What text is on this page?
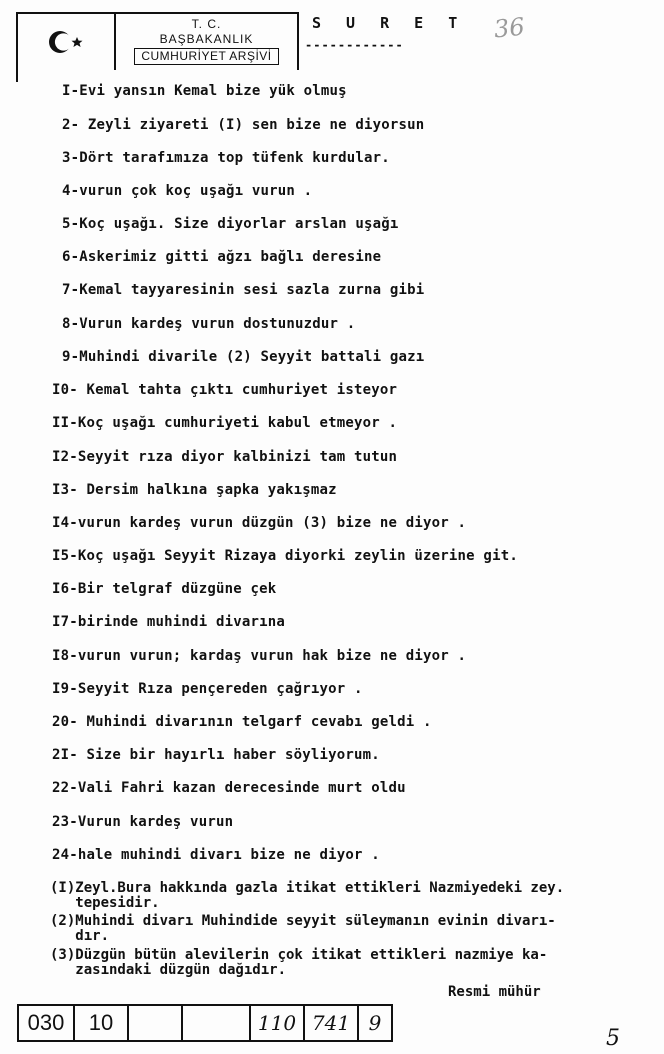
T. C.
BAŞBAKANLIK
CUMHURİYET ARŞİVİ
S U R E T
------------
36
I-Evi yansın Kemal bize yük olmuş
2- Zeyli ziyareti (I) sen bize ne diyorsun
3-Dört tarafımıza top tüfenk kurdular.
4-vurun çok koç uşağı vurun .
5-Koç uşağı. Size diyorlar arslan uşağı
6-Askerimiz gitti ağzı bağlı deresine
7-Kemal tayyaresinin sesi sazla zurna gibi
8-Vurun kardeş vurun dostunuzdur .
9-Muhindi divarile (2) Seyyit battali gazı
I0- Kemal tahta çıktı cumhuriyet isteyor
II-Koç uşağı cumhuriyeti kabul etmeyor .
I2-Seyyit rıza diyor kalbinizi tam tutun
I3- Dersim halkına şapka yakışmaz
I4-vurun kardeş vurun düzgün (3) bize ne diyor .
I5-Koç uşağı Seyyit Rizaya diyorki zeylin üzerine git.
I6-Bir telgraf düzgüne çek
I7-birinde muhindi divarına
I8-vurun vurun; kardaş vurun hak bize ne diyor .
I9-Seyyit Rıza pençereden çağrıyor .
20- Muhindi divarının telgarf cevabı geldi .
2I- Size bir hayırlı haber söyliyorum.
22-Vali Fahri kazan derecesinde murt oldu
23-Vurun kardeş vurun
24-hale muhindi divarı bize ne diyor .
(I)Zeyl.Bura hakkında gazla itikat ettikleri Nazmiyedeki zey.
tepesidir.
(2)Muhindi divarı Muhindide seyyit süleymanın evinin divarı-
dır.
(3)Düzgün bütün alevilerin çok itikat ettikleri nazmiye ka-
zasındaki düzgün dağıdır.
Resmi mühür
030	10	110 741 9
5
